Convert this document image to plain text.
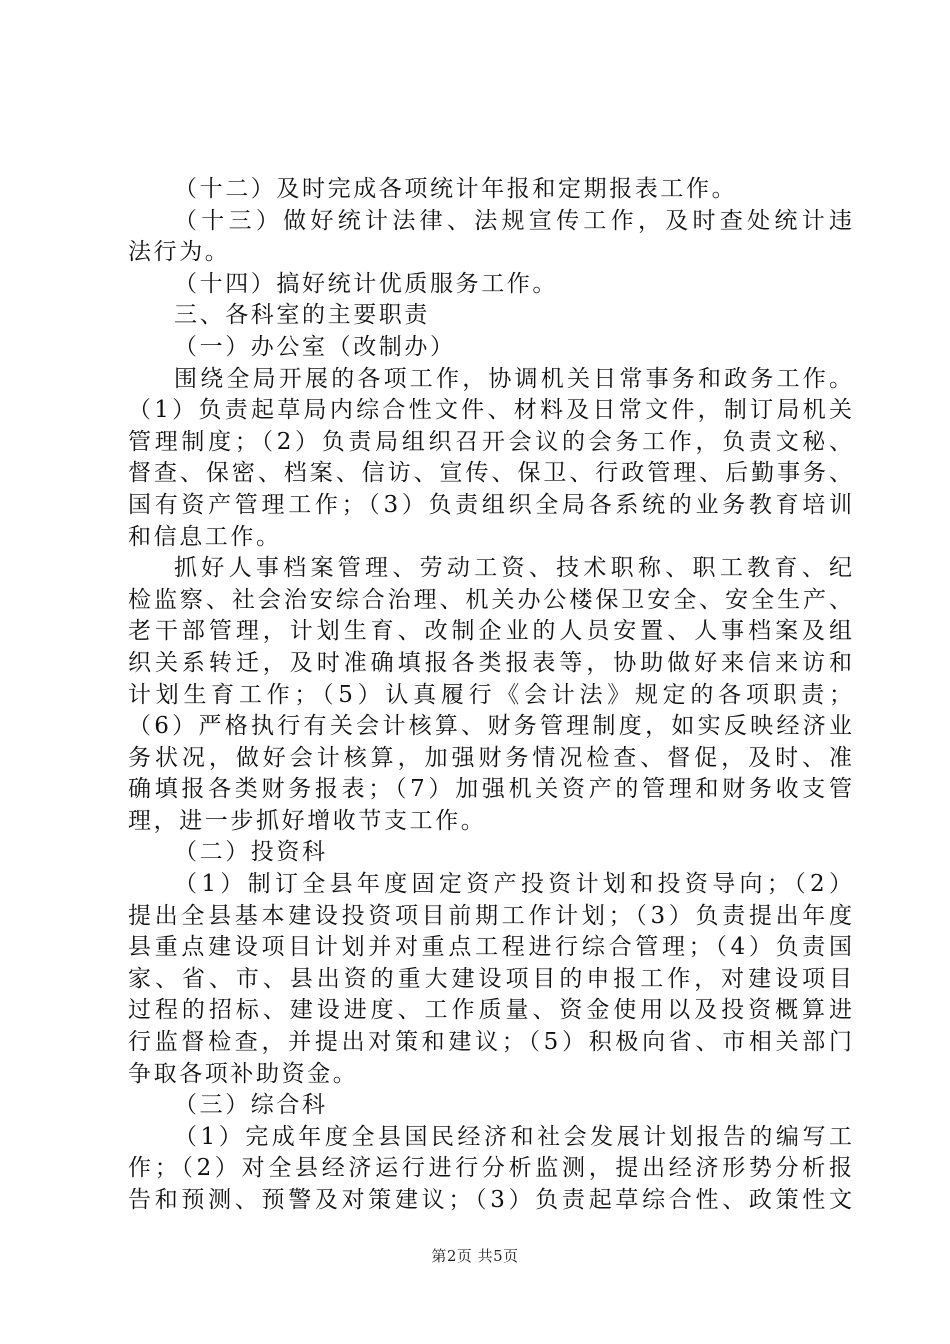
（十二）及时完成各项统计年报和定期报表工作。
（十三）做好统计法律、法规宣传工作，及时查处统计违
法行为。
（十四）搞好统计优质服务工作。
三、各科室的主要职责
（一）办公室（改制办）
围绕全局开展的各项工作，协调机关日常事务和政务工作。
（1）负责起草局内综合性文件、材料及日常文件，制订局机关
管理制度；（2）负责局组织召开会议的会务工作，负责文秘、
督查、保密、档案、信访、宣传、保卫、行政管理、后勤事务、
国有资产管理工作；（3）负责组织全局各系统的业务教育培训
和信息工作。
抓好人事档案管理、劳动工资、技术职称、职工教育、纪
检监察、社会治安综合治理、机关办公楼保卫安全、安全生产、
老干部管理，计划生育、改制企业的人员安置、人事档案及组
织关系转迁，及时准确填报各类报表等，协助做好来信来访和
计划生育工作；（5）认真履行《会计法》规定的各项职责；
（6）严格执行有关会计核算、财务管理制度，如实反映经济业
务状况，做好会计核算，加强财务情况检查、督促，及时、准
确填报各类财务报表；（7）加强机关资产的管理和财务收支管
理，进一步抓好增收节支工作。
（二）投资科
（1）制订全县年度固定资产投资计划和投资导向；（2）
提出全县基本建设投资项目前期工作计划；（3）负责提出年度
县重点建设项目计划并对重点工程进行综合管理；（4）负责国
家、省、市、县出资的重大建设项目的申报工作，对建设项目
过程的招标、建设进度、工作质量、资金使用以及投资概算进
行监督检查，并提出对策和建议；（5）积极向省、市相关部门
争取各项补助资金。
（三）综合科
（1）完成年度全县国民经济和社会发展计划报告的编写工
作；（2）对全县经济运行进行分析监测，提出经济形势分析报
告和预测、预警及对策建议；（3）负责起草综合性、政策性文
第2页 共5页
